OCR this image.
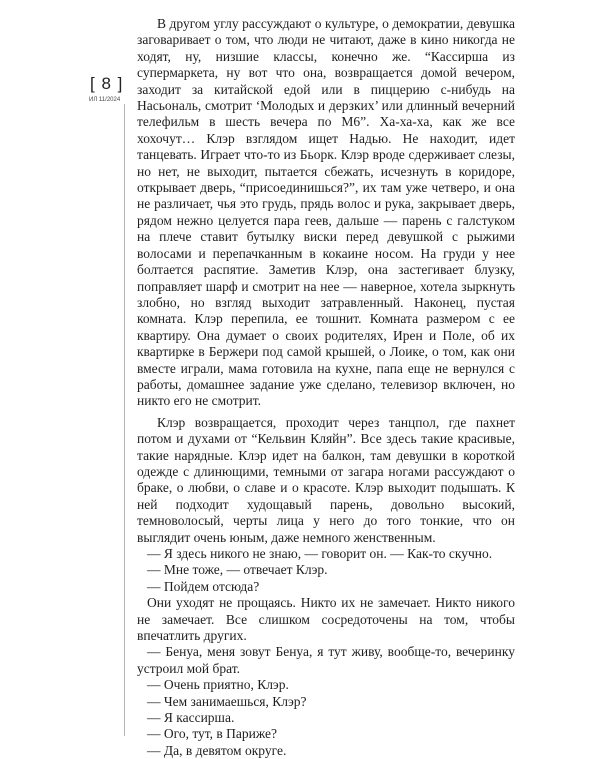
[ 8 ]
ИЛ 11/2024

В другом углу рассуждают о культуре, о демократии, девушка заговаривает о том, что люди не читают, даже в кино никогда не ходят, ну, низшие классы, конечно же. “Кассирша из супермаркета, ну вот что она, возвращается домой вечером, заходит за китайской едой или в пиццерию с-нибудь на Насьональ, смотрит ‘Молодых и дерзких’ или длинный вечерний телефильм в шесть вечера по М6”. Ха-ха-ха, как же все хохочут… Клэр взглядом ищет Надью. Не находит, идет танцевать. Играет что-то из Бьорк. Клэр вроде сдерживает слезы, но нет, не выходит, пытается сбежать, исчезнуть в коридоре, открывает дверь, “присоединишься?”, их там уже четверо, и она не различает, чья это грудь, прядь волос и рука, закрывает дверь, рядом нежно целуется пара геев, дальше — парень с галстуком на плече ставит бутылку виски перед девушкой с рыжими волосами и перепачканным в кокаине носом. На груди у нее болтается распятие. Заметив Клэр, она застегивает блузку, поправляет шарф и смотрит на нее — наверное, хотела зыркнуть злобно, но взгляд выходит затравленный. Наконец, пустая комната. Клэр перепила, ее тошнит. Комната размером с ее квартиру. Она думает о своих родителях, Ирен и Поле, об их квартирке в Бержери под самой крышей, о Лоике, о том, как они вместе играли, мама готовила на кухне, папа еще не вернулся с работы, домашнее задание уже сделано, телевизор включен, но никто его не смотрит.

Клэр возвращается, проходит через танцпол, где пахнет потом и духами от “Кельвин Кляйн”. Все здесь такие красивые, такие нарядные. Клэр идет на балкон, там девушки в короткой одежде с длинющими, темными от загара ногами рассуждают о браке, о любви, о славе и о красоте. Клэр выходит подышать. К ней подходит худощавый парень, довольно высокий, темноволосый, черты лица у него до того тонкие, что он выглядит очень юным, даже немного женственным.

— Я здесь никого не знаю, — говорит он. — Как-то скучно.

— Мне тоже, — отвечает Клэр.

— Пойдем отсюда?

Они уходят не прощаясь. Никто их не замечает. Никто никого не замечает. Все слишком сосредоточены на том, чтобы впечатлить других.

— Бенуа, меня зовут Бенуа, я тут живу, вообще-то, вечеринку устроил мой брат.

— Очень приятно, Клэр.

— Чем занимаешься, Клэр?

— Я кассирша.

— Ого, тут, в Париже?

— Да, в девятом округе.
